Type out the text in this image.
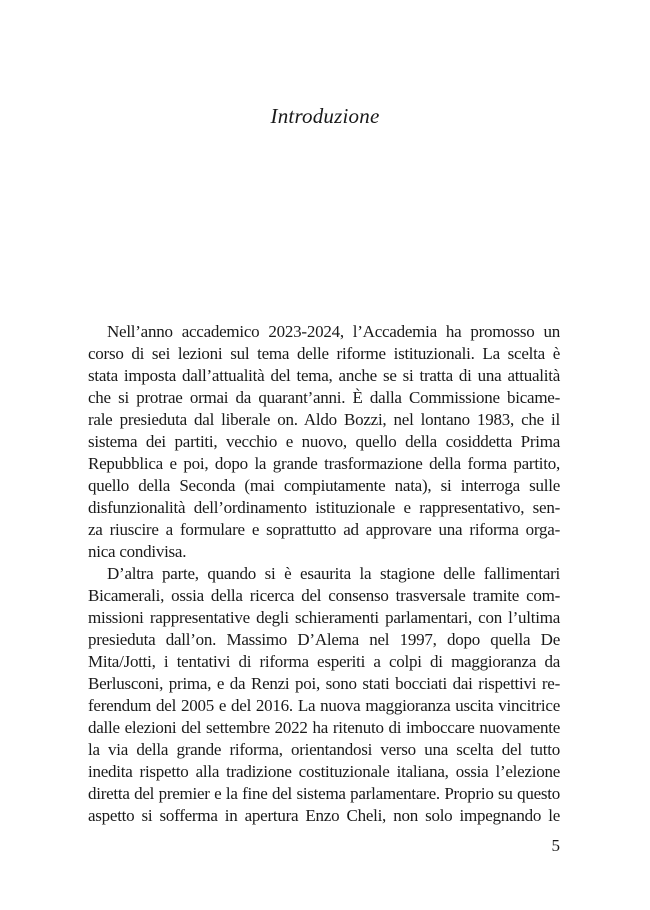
Introduzione
Nell’anno accademico 2023-2024, l’Accademia ha promosso un
corso di sei lezioni sul tema delle riforme istituzionali. La scelta è
stata imposta dall’attualità del tema, anche se si tratta di una attualità
che si protrae ormai da quarant’anni. È dalla Commissione bicame-
rale presieduta dal liberale on. Aldo Bozzi, nel lontano 1983, che il
sistema dei partiti, vecchio e nuovo, quello della cosiddetta Prima
Repubblica e poi, dopo la grande trasformazione della forma partito,
quello della Seconda (mai compiutamente nata), si interroga sulle
disfunzionalità dell’ordinamento istituzionale e rappresentativo, sen-
za riuscire a formulare e soprattutto ad approvare una riforma orga-
nica condivisa.
D’altra parte, quando si è esaurita la stagione delle fallimentari
Bicamerali, ossia della ricerca del consenso trasversale tramite com-
missioni rappresentative degli schieramenti parlamentari, con l’ultima
presieduta dall’on. Massimo D’Alema nel 1997, dopo quella De
Mita/Jotti, i tentativi di riforma esperiti a colpi di maggioranza da
Berlusconi, prima, e da Renzi poi, sono stati bocciati dai rispettivi re-
ferendum del 2005 e del 2016. La nuova maggioranza uscita vincitrice
dalle elezioni del settembre 2022 ha ritenuto di imboccare nuovamente
la via della grande riforma, orientandosi verso una scelta del tutto
inedita rispetto alla tradizione costituzionale italiana, ossia l’elezione
diretta del premier e la fine del sistema parlamentare. Proprio su questo
aspetto si sofferma in apertura Enzo Cheli, non solo impegnando le
5
